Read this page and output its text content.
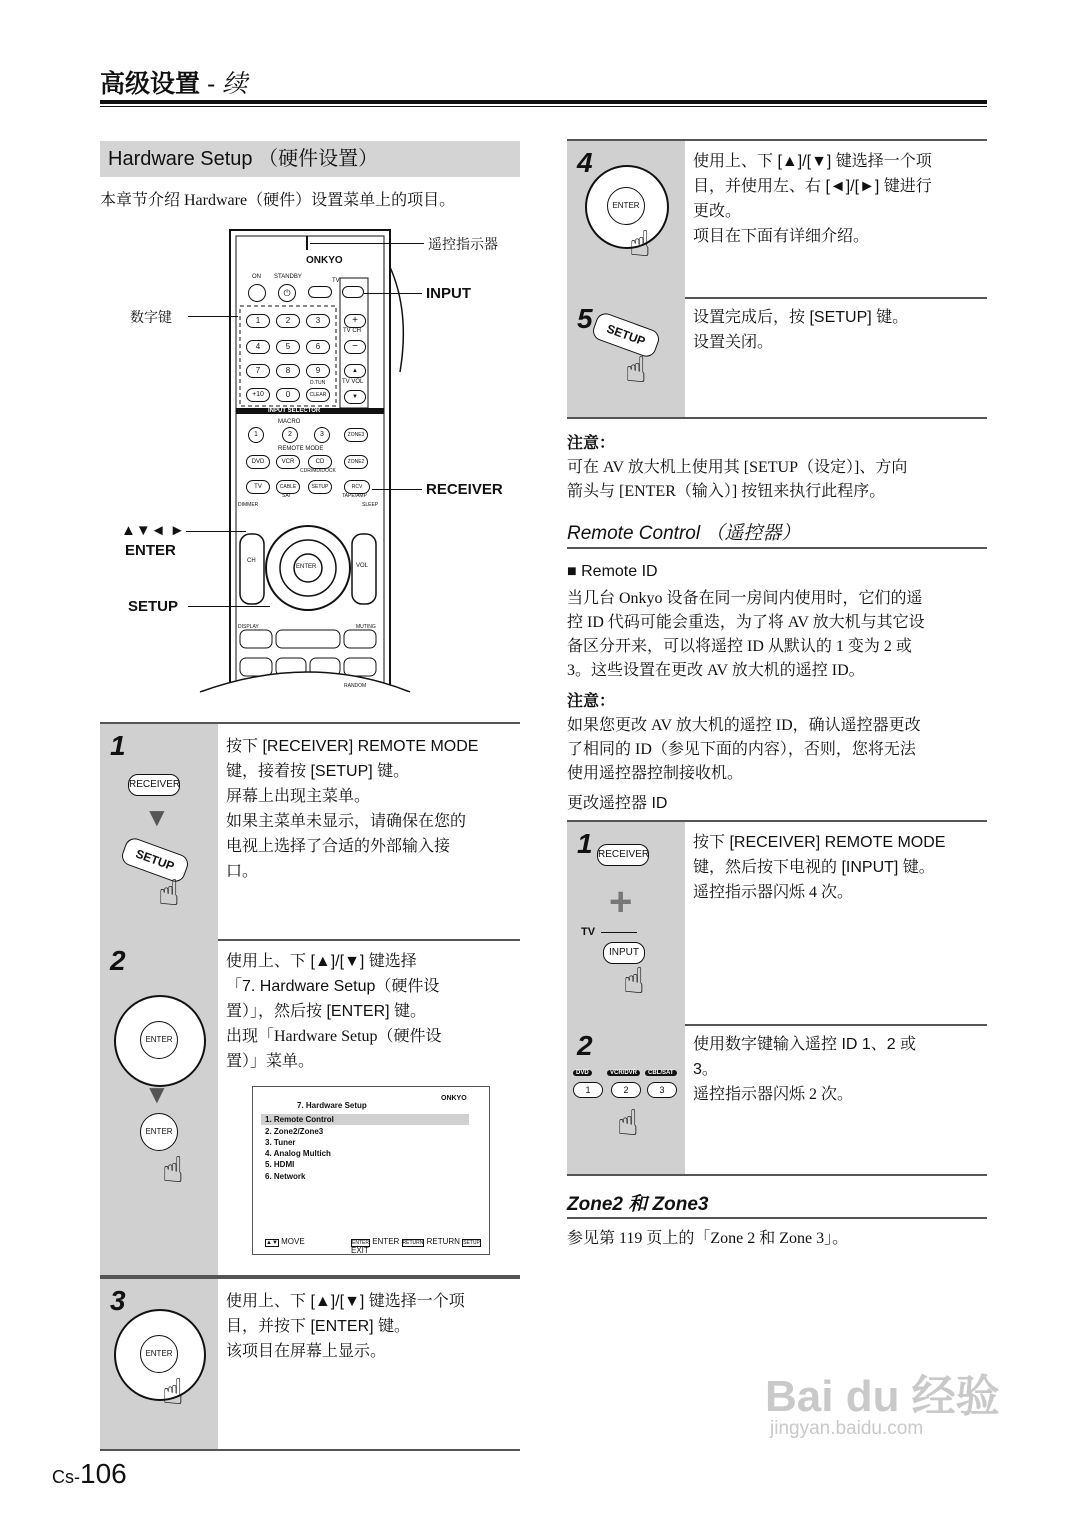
高级设置 - 续
Hardware Setup （硬件设置）
本章节介绍 Hardware（硬件）设置菜单上的项目。
ONKYO
ON STANDBY
TV
⏻
TV CH
+
−
TV VOL
▲
▼
1	2	3
4	5	6
7	8	9
+10	0
D.TUN
CLEAR
INPUT SELECTOR
MACRO
1	2	3	ZONE3
REMOTE MODE
DVD	VCR	CD	ZONE2
CDR/MD/DOCK
TV	CABLE
SAT
SETUP	RCV
TAPE/AMP
DIMMER	SLEEP
CH
VOL
ENTER
DISPLAY	MUTING
RANDOM
遥控指示器
INPUT
数字键
RECEIVER
▲▼◄ ►
ENTER
SETUP
1
RECEIVER
▼
SETUP
☝
按下 [RECEIVER] REMOTE MODE
键，接着按 [SETUP] 键。
屏幕上出现主菜单。
如果主菜单未显示，请确保在您的
电视上选择了合适的外部输入接
口。
2
ENTER
▼
ENTER
☝
使用上、下 [▲]/[▼] 键选择
「7. Hardware Setup（硬件设
置）」，然后按 [ENTER] 键。
出现「Hardware Setup（硬件设
置）」菜单。
7. Hardware Setup
ONKYO
1. Remote Control
2. Zone2/Zone3
3. Tuner
4. Analog Multich
5. HDMI
6. Network
▲▼ MOVE	ENTER ENTER RETURN RETURN SETUP EXIT
3
ENTER
☝
使用上、下 [▲]/[▼] 键选择一个项
目，并按下 [ENTER] 键。
该项目在屏幕上显示。
4
ENTER
☝
使用上、下 [▲]/[▼] 键选择一个项
目，并使用左、右 [◄]/[►] 键进行
更改。
项目在下面有详细介绍。
5
SETUP
☝
设置完成后，按 [SETUP] 键。
设置关闭。
注意：
可在 AV 放大机上使用其 [SETUP（设定）]、方向
箭头与 [ENTER（输入）] 按钮来执行此程序。
Remote Control （遥控器）
■ Remote ID
当几台 Onkyo 设备在同一房间内使用时，它们的遥
控 ID 代码可能会重迭，为了将 AV 放大机与其它设
备区分开来，可以将遥控 ID 从默认的 1 变为 2 或
3。这些设置在更改 AV 放大机的遥控 ID。
注意：
如果您更改 AV 放大机的遥控 ID，确认遥控器更改
了相同的 ID（参见下面的内容），否则，您将无法
使用遥控器控制接收机。
更改遥控器 ID
1 RECEIVER
+
TV
INPUT
☝
按下 [RECEIVER] REMOTE MODE
键，然后按下电视的 [INPUT] 键。
遥控指示器闪烁 4 次。
2
DVD	VCR/DVR	CBL/SAT
1	2	3
☝
使用数字键输入遥控 ID 1、2 或
3。
遥控指示器闪烁 2 次。
Zone2 和 Zone3
参见第 119 页上的「Zone 2 和 Zone 3」。
Bai du 经验
jingyan.baidu.com
Cs-106
